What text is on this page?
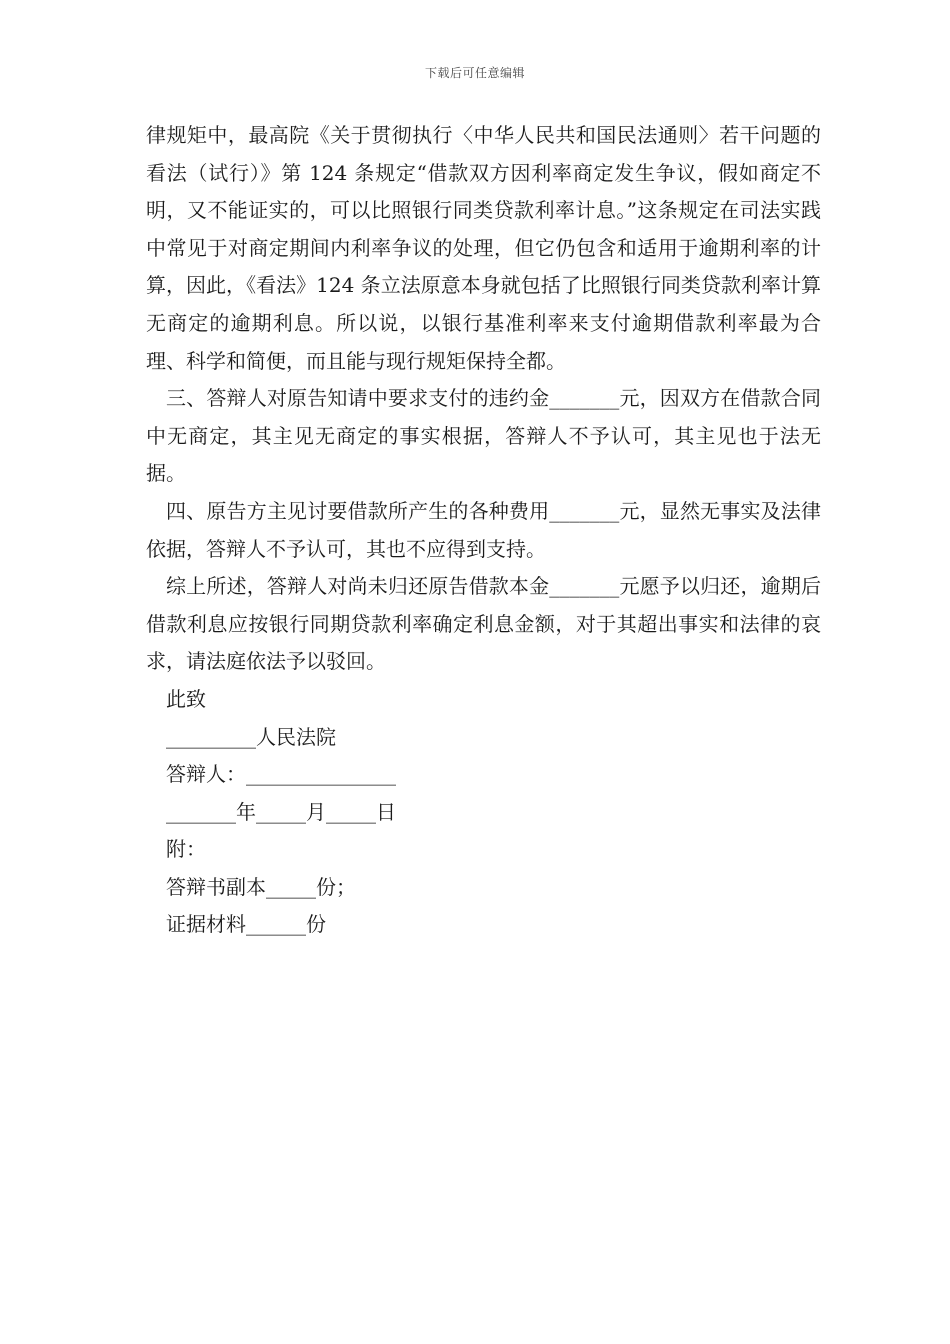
下载后可任意编辑

律规矩中，最高院《关于贯彻执行〈中华人民共和国民法通则〉若干问题的看法（试行）》第 124 条规定“借款双方因利率商定发生争议，假如商定不明，又不能证实的，可以比照银行同类贷款利率计息。”这条规定在司法实践中常见于对商定期间内利率争议的处理，但它仍包含和适用于逾期利率的计算，因此，《看法》124 条立法原意本身就包括了比照银行同类贷款利率计算无商定的逾期利息。所以说，以银行基准利率来支付逾期借款利率最为合理、科学和简便，而且能与现行规矩保持全都。

三、答辩人对原告知请中要求支付的违约金_______元，因双方在借款合同中无商定，其主见无商定的事实根据，答辩人不予认可，其主见也于法无据。

四、原告方主见讨要借款所产生的各种费用_______元，显然无事实及法律依据，答辩人不予认可，其也不应得到支持。

综上所述，答辩人对尚未归还原告借款本金_______元愿予以归还，逾期后借款利息应按银行同期贷款利率确定利息金额，对于其超出事实和法律的哀求，请法庭依法予以驳回。

此致

_________人民法院

答辩人：_______________

_______年_____月_____日

附：

答辩书副本_____份；

证据材料______份
